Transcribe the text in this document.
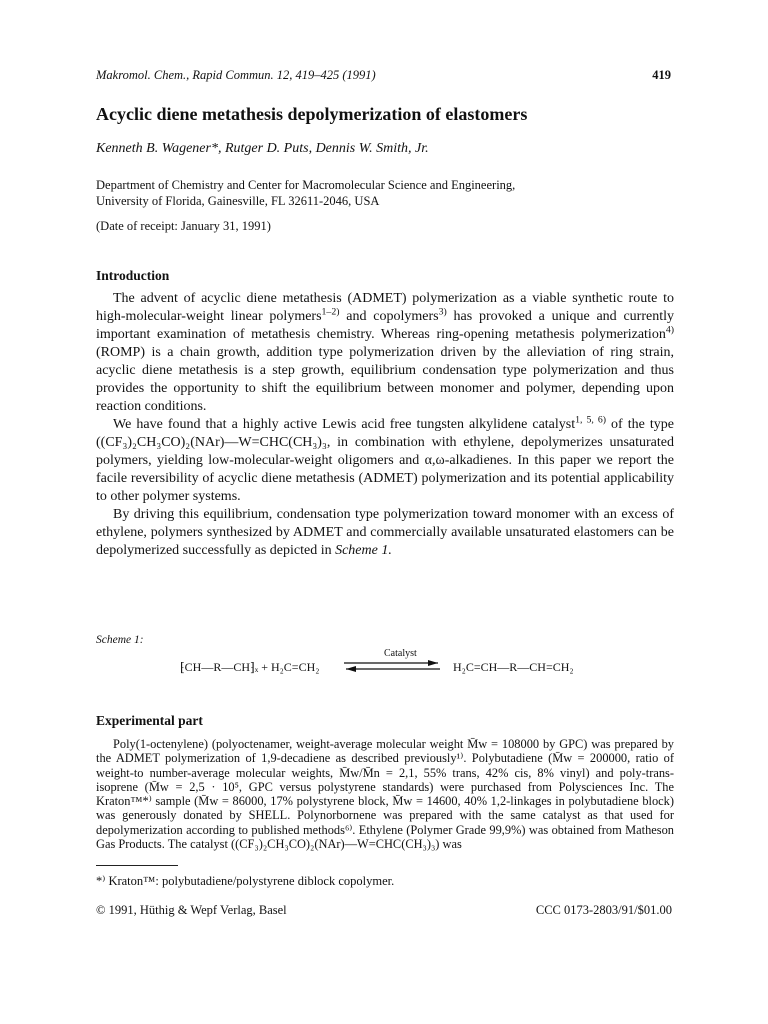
Makromol. Chem., Rapid Commun. 12, 419–425 (1991)	419
Acyclic diene metathesis depolymerization of elastomers
Kenneth B. Wagener*, Rutger D. Puts, Dennis W. Smith, Jr.
Department of Chemistry and Center for Macromolecular Science and Engineering,
University of Florida, Gainesville, FL 32611-2046, USA
(Date of receipt: January 31, 1991)
Introduction

The advent of acyclic diene metathesis (ADMET) polymerization as a viable synthetic route to high-molecular-weight linear polymers$^{1-2)}$ and copolymers$^{3)}$ has provoked a unique and currently important examination of metathesis chemistry. Whereas ring-opening metathesis polymerization$^{4)}$ (ROMP) is a chain growth, addition type polymerization driven by the alleviation of ring strain, acyclic diene metathesis is a step growth, equilibrium condensation type polymerization and thus provides the opportunity to shift the equilibrium between monomer and polymer, depending upon reaction conditions.

We have found that a highly active Lewis acid free tungsten alkylidene catalyst$^{1, 5, 6)}$ of the type ((CF₃)₂CH₃CO)₂(NAr)—W=CHC(CH₃)₃, in combination with ethylene, depolymerizes unsaturated polymers, yielding low-molecular-weight oligomers and α,ω-alkadienes. In this paper we report the facile reversibility of acyclic diene metathesis (ADMET) polymerization and its potential applicability to other polymer systems.

By driving this equilibrium, condensation type polymerization toward monomer with an excess of ethylene, polymers synthesized by ADMET and commercially available unsaturated elastomers can be depolymerized successfully as depicted in Scheme 1.

Scheme 1:
⁅CH—R—CH⁆ₓ + H₂C=CH₂
Catalyst
H₂C=CH—R—CH=CH₂
Experimental part

Poly(1-octenylene) (polyoctenamer, weight-average molecular weight M̄w = 108000 by GPC) was prepared by the ADMET polymerization of 1,9-decadiene as described previously¹⁾. Polybutadiene (M̄w = 200000, ratio of weight-to number-average molecular weights, M̄w/M̄n = 2,1, 55% trans, 42% cis, 8% vinyl) and poly-trans-isoprene (M̄w = 2,5 · 10⁵, GPC versus polystyrene standards) were purchased from Polysciences Inc. The Kraton™*⁾ sample (M̄w = 86000, 17% polystyrene block, M̄w = 14600, 40% 1,2-linkages in polybutadiene block) was generously donated by SHELL. Polynorbornene was prepared with the same catalyst as that used for depolymerization according to published methods⁶⁾. Ethylene (Polymer Grade 99,9%) was obtained from Matheson Gas Products. The catalyst ((CF₃)₂CH₃CO)₂(NAr)—W=CHC(CH₃)₃) was

*⁾ Kraton™: polybutadiene/polystyrene diblock copolymer.
© 1991, Hüthig & Wepf Verlag, Basel	CCC 0173-2803/91/$01.00
